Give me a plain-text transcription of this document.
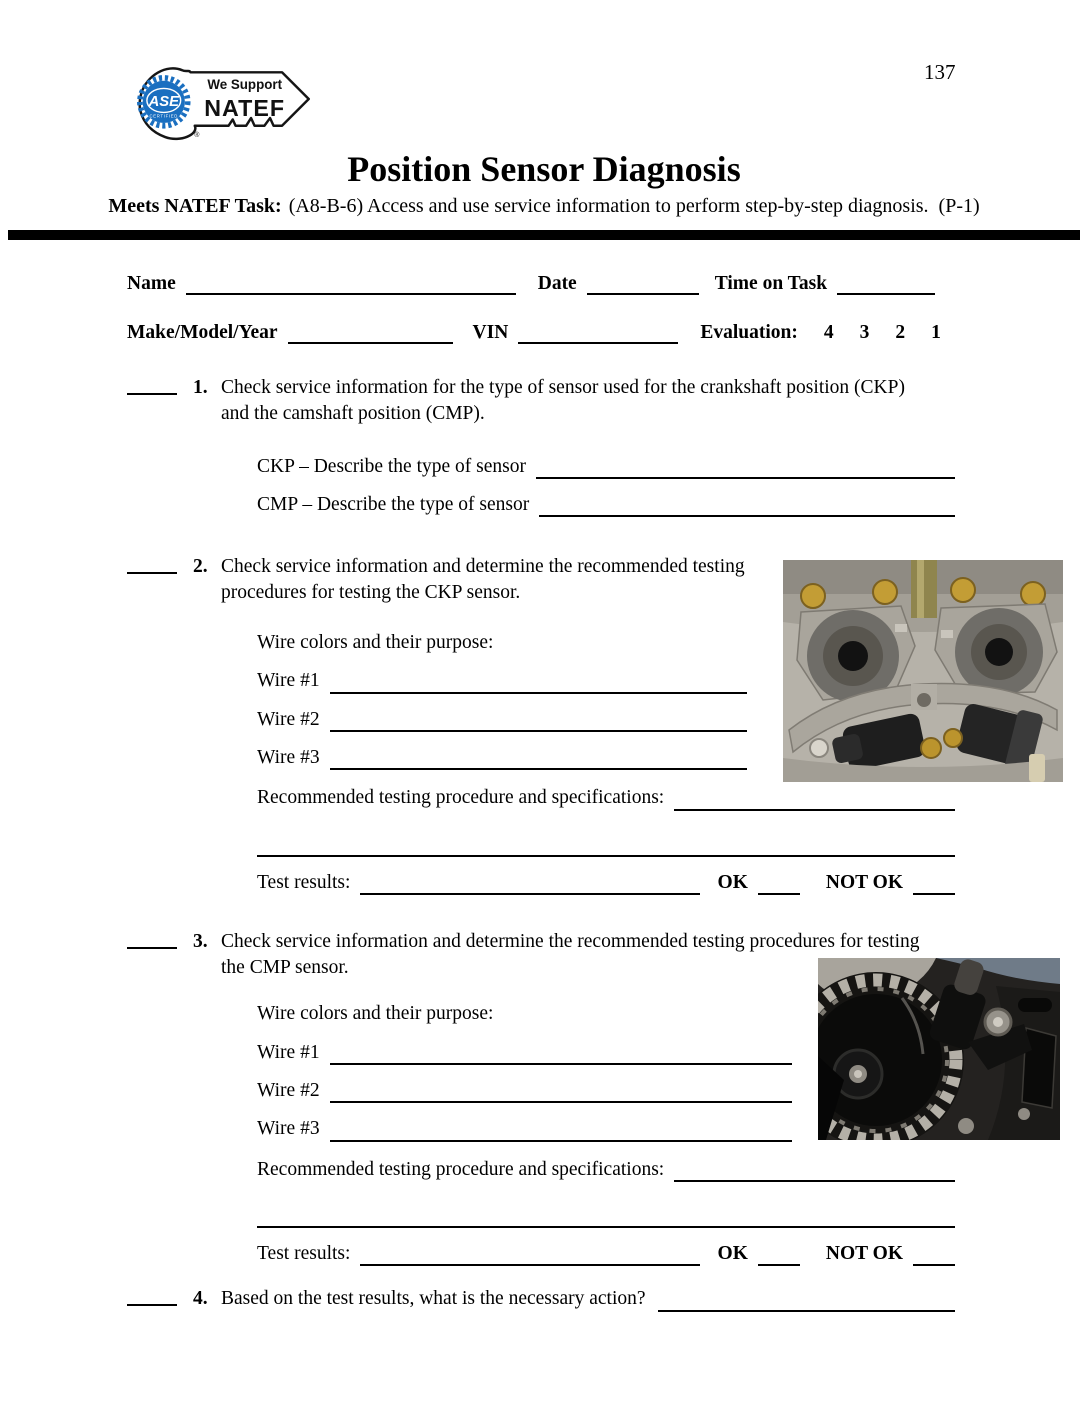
ASE
CERTIFIED
We Support
NATEF
®
137
Position Sensor Diagnosis

Meets NATEF Task: (A8-B-6) Access and use service information to perform step-by-step diagnosis.  (P-1)

Name	Date	Time on Task
Make/Model/Year	VIN	Evaluation: 4 3 2 1
1. Check service information for the type of sensor used for the crankshaft position (CKP) and the camshaft position (CMP).
CKP – Describe the type of sensor
CMP – Describe the type of sensor
2. Check service information and determine the recommended testing procedures for testing the CKP sensor.
Wire colors and their purpose:
Wire #1
Wire #2
Wire #3
Recommended testing procedure and specifications:
Test results:	OK	NOT OK
3. Check service information and determine the recommended testing procedures for testing the CMP sensor.
Wire colors and their purpose:
Wire #1
Wire #2
Wire #3
Recommended testing procedure and specifications:
Test results:	OK	NOT OK
4. Based on the test results, what is the necessary action?
